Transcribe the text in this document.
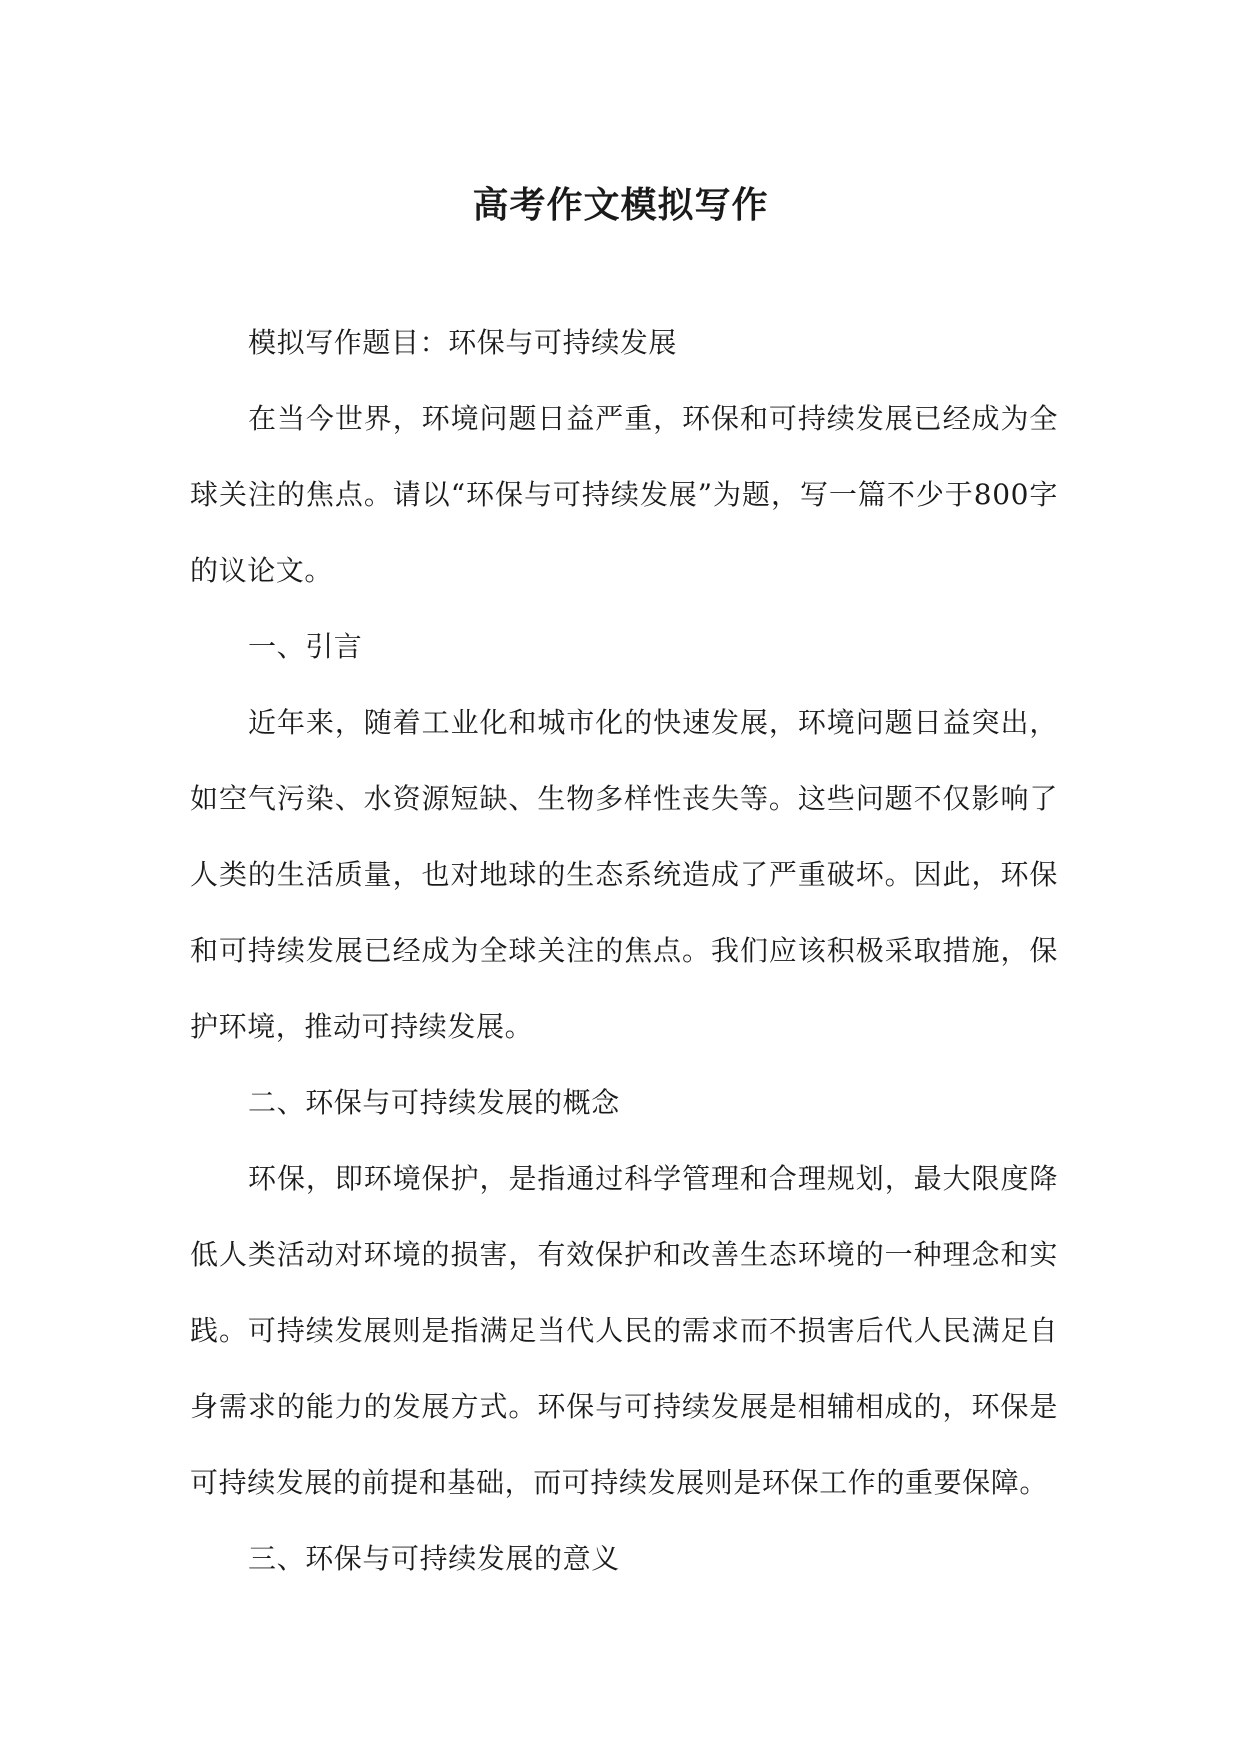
高考作文模拟写作

模拟写作题目：环保与可持续发展

在当今世界，环境问题日益严重，环保和可持续发展已经成为全球关注的焦点。请以“环保与可持续发展”为题，写一篇不少于800字的议论文。

一、引言

近年来，随着工业化和城市化的快速发展，环境问题日益突出，如空气污染、水资源短缺、生物多样性丧失等。这些问题不仅影响了人类的生活质量，也对地球的生态系统造成了严重破坏。因此，环保和可持续发展已经成为全球关注的焦点。我们应该积极采取措施，保护环境，推动可持续发展。

二、环保与可持续发展的概念

环保，即环境保护，是指通过科学管理和合理规划，最大限度降低人类活动对环境的损害，有效保护和改善生态环境的一种理念和实践。可持续发展则是指满足当代人民的需求而不损害后代人民满足自身需求的能力的发展方式。环保与可持续发展是相辅相成的，环保是可持续发展的前提和基础，而可持续发展则是环保工作的重要保障。

三、环保与可持续发展的意义
